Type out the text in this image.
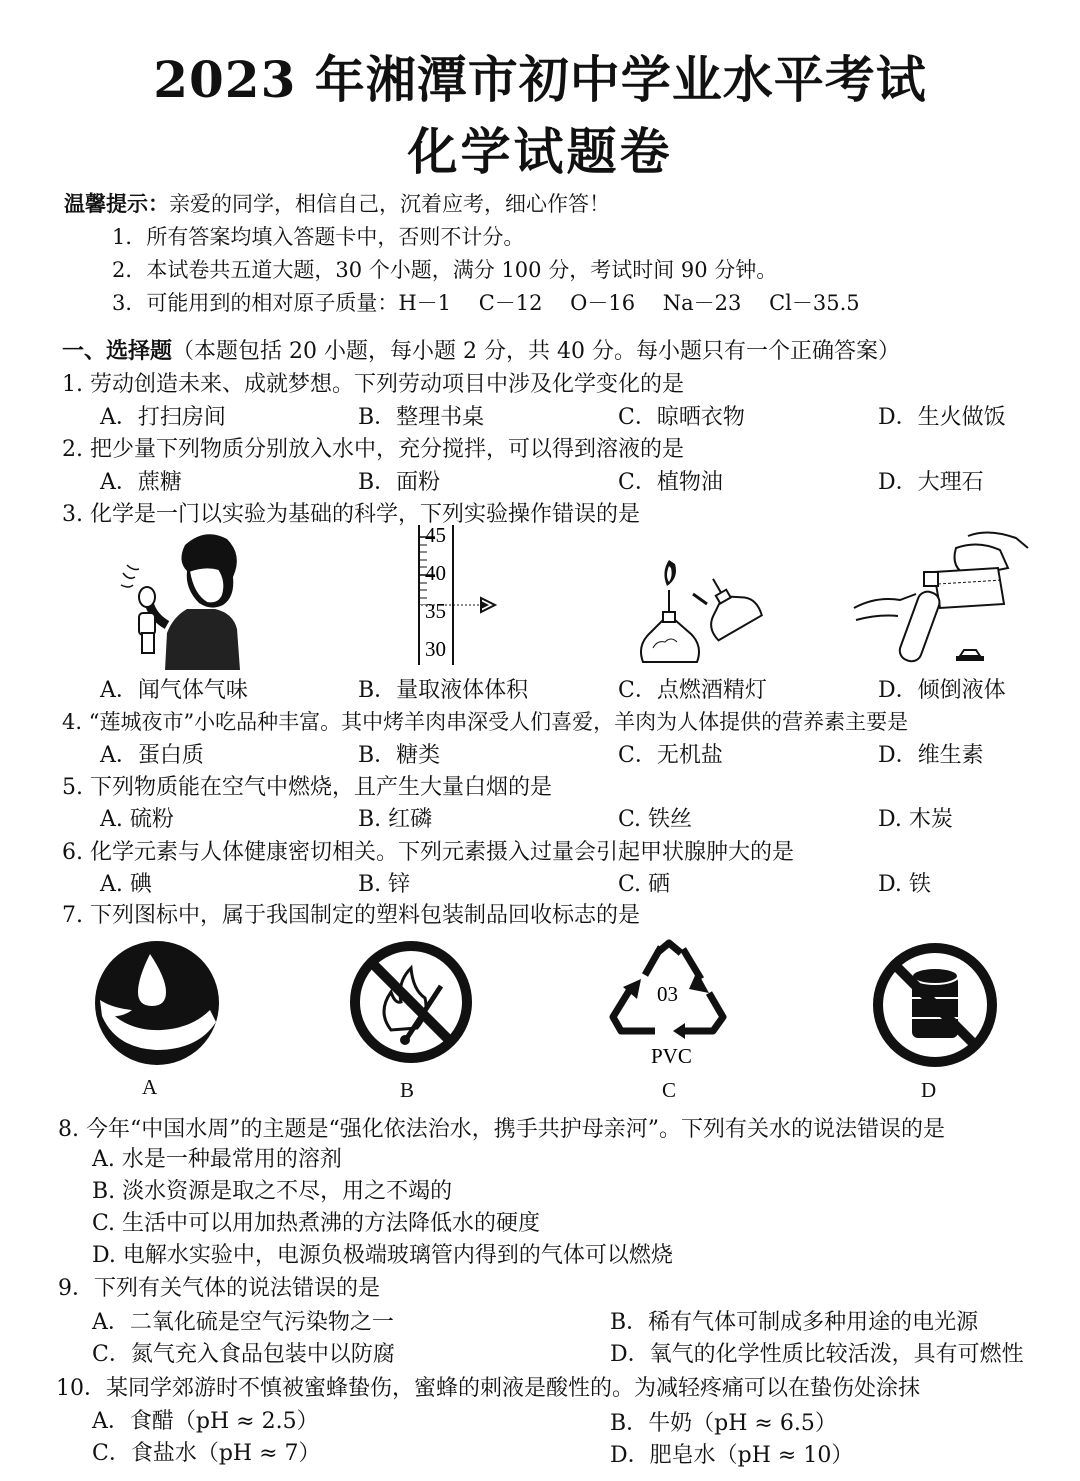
2023 年湘潭市初中学业水平考试
化学试题卷
温馨提示：亲爱的同学，相信自己，沉着应考，细心作答！
1．所有答案均填入答题卡中，否则不计分。
2．本试卷共五道大题，30 个小题，满分 100 分，考试时间 90 分钟。
3．可能用到的相对原子质量：H－1　 C－12　 O－16　 Na－23　 Cl－35.5
一、选择题（本题包括 20 小题，每小题 2 分，共 40 分。每小题只有一个正确答案）
1. 劳动创造未来、成就梦想。下列劳动项目中涉及化学变化的是
A．打扫房间	B．整理书桌	C．晾晒衣物	D．生火做饭
2. 把少量下列物质分别放入水中，充分搅拌，可以得到溶液的是
A．蔗糖	B．面粉	C．植物油	D．大理石
3. 化学是一门以实验为基础的科学，下列实验操作错误的是
45
40
35
30
A．闻气体气味	B．量取液体体积	C．点燃酒精灯	D．倾倒液体
4. “莲城夜市”小吃品种丰富。其中烤羊肉串深受人们喜爱，羊肉为人体提供的营养素主要是
A．蛋白质	B．糖类	C．无机盐	D．维生素
5. 下列物质能在空气中燃烧，且产生大量白烟的是
A. 硫粉	B. 红磷	C. 铁丝	D. 木炭
6. 化学元素与人体健康密切相关。下列元素摄入过量会引起甲状腺肿大的是
A. 碘	B. 锌	C. 硒	D. 铁
7. 下列图标中，属于我国制定的塑料包装制品回收标志的是
03
PVC
A	B	C	D
8. 今年“中国水周”的主题是“强化依法治水，携手共护母亲河”。下列有关水的说法错误的是
A. 水是一种最常用的溶剂
B. 淡水资源是取之不尽，用之不竭的
C. 生活中可以用加热煮沸的方法降低水的硬度
D. 电解水实验中，电源负极端玻璃管内得到的气体可以燃烧
9．下列有关气体的说法错误的是
A．二氧化硫是空气污染物之一	B．稀有气体可制成多种用途的电光源
C．氮气充入食品包装中以防腐	D．氧气的化学性质比较活泼，具有可燃性
10．某同学郊游时不慎被蜜蜂蛰伤，蜜蜂的刺液是酸性的。为减轻疼痛可以在蛰伤处涂抹
A．食醋（pH ≈ 2.5）	B．牛奶（pH ≈ 6.5）
C．食盐水（pH ≈ 7）	D．肥皂水（pH ≈ 10）
